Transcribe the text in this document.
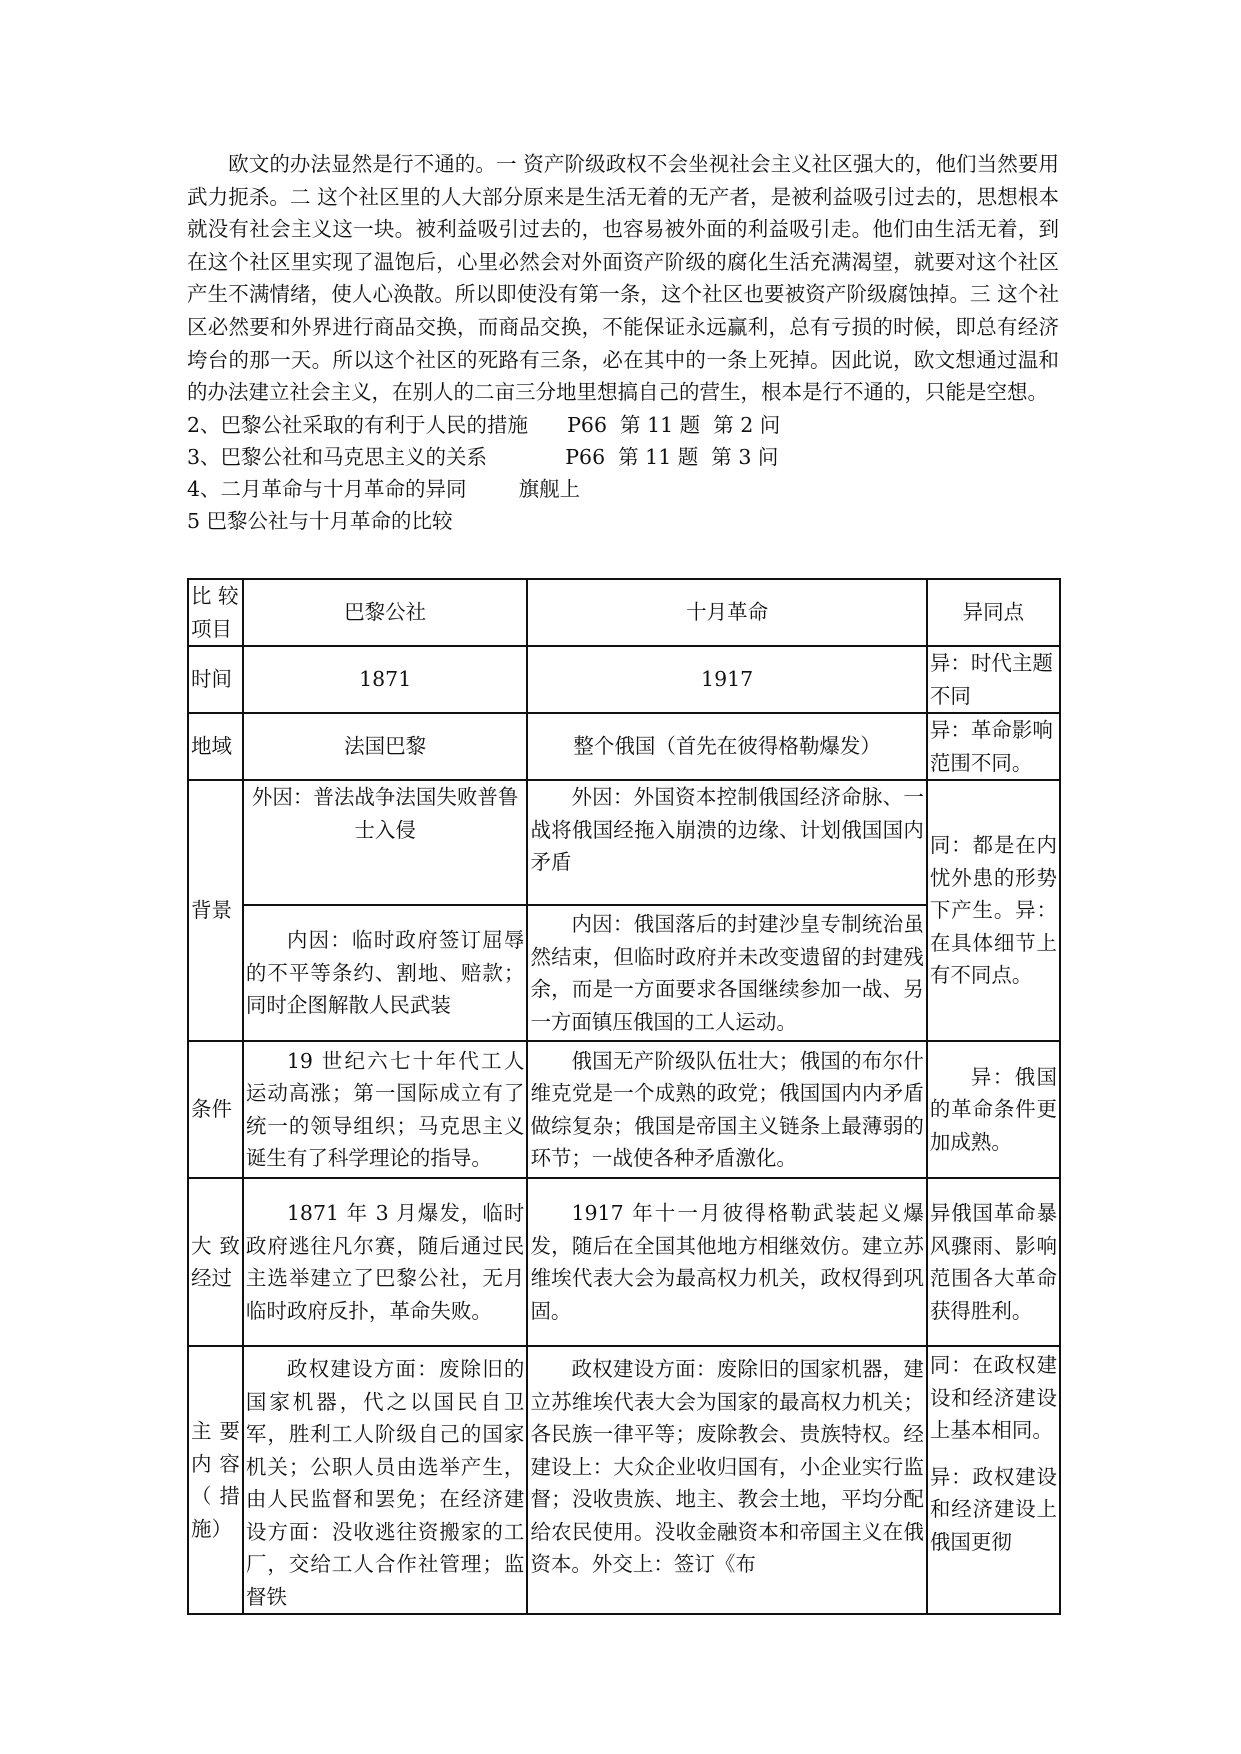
欧文的办法显然是行不通的。一 资产阶级政权不会坐视社会主义社区强大的，他们当然要用武力扼杀。二 这个社区里的人大部分原来是生活无着的无产者，是被利益吸引过去的，思想根本就没有社会主义这一块。被利益吸引过去的，也容易被外面的利益吸引走。他们由生活无着，到在这个社区里实现了温饱后，心里必然会对外面资产阶级的腐化生活充满渴望，就要对这个社区产生不满情绪，使人心涣散。所以即使没有第一条，这个社区也要被资产阶级腐蚀掉。三 这个社区必然要和外界进行商品交换，而商品交换，不能保证永远赢利，总有亏损的时候，即总有经济垮台的那一天。所以这个社区的死路有三条，必在其中的一条上死掉。因此说，欧文想通过温和的办法建立社会主义，在别人的二亩三分地里想搞自己的营生，根本是行不通的，只能是空想。

2、巴黎公社采取的有利于人民的措施      P66  第 11 题  第 2 问

3、巴黎公社和马克思主义的关系            P66  第 11 题  第 3 问

4、二月革命与十月革命的异同        旗舰上

5 巴黎公社与十月革命的比较

比 较 项目	巴黎公社	十月革命	异同点
时间	1871	1917	异：时代主题不同
地域	法国巴黎	整个俄国（首先在彼得格勒爆发）	异：革命影响范围不同。
背景	外因：普法战争法国失败普鲁士入侵	外因：外国资本控制俄国经济命脉、一战将俄国经拖入崩溃的边缘、计划俄国国内矛盾	同：都是在内忧外患的形势下产生。异：在具体细节上有不同点。
	内因：临时政府签订屈辱的不平等条约、割地、赔款；同时企图解散人民武装	内因：俄国落后的封建沙皇专制统治虽然结束，但临时政府并未改变遗留的封建残余，而是一方面要求各国继续参加一战、另一方面镇压俄国的工人运动。	
条件	19 世纪六七十年代工人运动高涨；第一国际成立有了统一的领导组织；马克思主义诞生有了科学理论的指导。	俄国无产阶级队伍壮大；俄国的布尔什维克党是一个成熟的政党；俄国国内内矛盾做综复杂；俄国是帝国主义链条上最薄弱的环节；一战使各种矛盾激化。	异：俄国的革命条件更加成熟。
大 致 经过	1871 年 3 月爆发，临时政府逃往凡尔赛，随后通过民主选举建立了巴黎公社，无月临时政府反扑，革命失败。	1917 年十一月彼得格勒武装起义爆发，随后在全国其他地方相继效仿。建立苏维埃代表大会为最高权力机关，政权得到巩固。	异俄国革命暴风骤雨、影响范围各大革命获得胜利。
主 要 内 容 （ 措 施）	政权建设方面：废除旧的国家机器，代之以国民自卫军，胜利工人阶级自己的国家机关；公职人员由选举产生，由人民监督和罢免；在经济建设方面：没收逃往资搬家的工厂，交给工人合作社管理；监督铁	政权建设方面：废除旧的国家机器，建立苏维埃代表大会为国家的最高权力机关；各民族一律平等；废除教会、贵族特权。经建设上：大众企业收归国有，小企业实行监督；没收贵族、地主、教会土地，平均分配给农民使用。没收金融资本和帝国主义在俄资本。外交上：签订《布	同：在政权建设和经济建设上基本相同。
异：政权建设和经济建设上俄国更彻
